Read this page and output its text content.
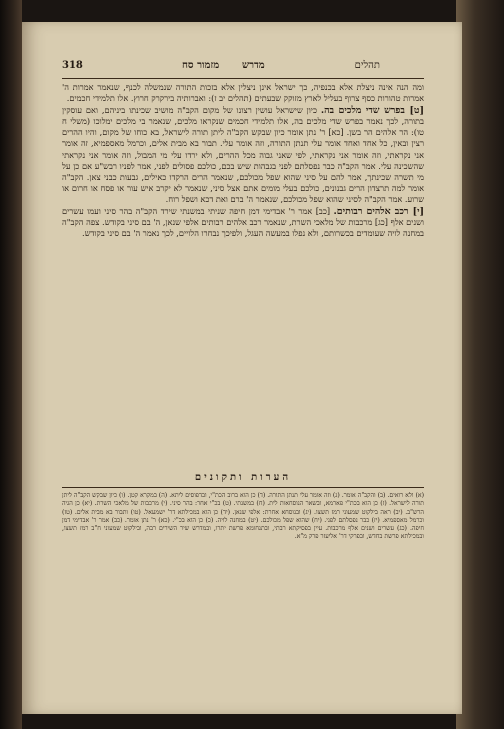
318	מזמור סח מדרש	תהלים

ומה הנה אינה ניצלת אלא בכנפיה, כך ישראל אינן ניצלין אלא בזכות התורה שנמשלה לכנף, שנאמר אמרות ה' אמרות טהורות כסף צרוף בעליל לארץ מזוקק שבעתים (תהלים יב ז): ואברותיה בירקרק חרוץ. אלו תלמידי חכמים.

[ט] בפרש שדי מלכים בה. כיון שישראל עושין רצונו של מקום הקב"ה מושיב שכינתו ביניהם, ואם עוסקין בתורה, לכך נאמר בפרש שדי מלכים בה, אלו תלמידי חכמים שנקראו מלכים, שנאמר בי מלכים ימלוכו (משלי ח טו): הר אלהים הר בשן. [כא] ר' נתן אומר כיון שבקש הקב"ה ליתן תורה לישראל, בא כוחו של מקום, והיו ההרים רצין ובאין, כל אחד ואחד אומר עלי תנתן התורה, וזה אומר עלי. תבור בא מבית אלים, וכרמל מאספמיא, זה אומר אני נקראתי, וזה אומר אני נקראתי, לפי שאני גבוה מכל ההרים, ולא ירדו עלי מי המבול, וזה אומר אני נקראתי שהשכינה עלי. אמר הקב"ה כבר נפסלתם לפני בגבהות שיש בכם, כולכם פסולים לפני, אמר לפניו רבש"ע אם כן על מי תשרה שכינתך, אמר להם על סיני שהוא שפל מכולכם, שנאמר הרים הרקדו כאילים, גבעות כבני צאן. הקב"ה אומר למה תרצדון הרים גבנונים, כולכם בעלי מומים אתם אצל סיני, שנאמר לא יקרב איש עור או פסח או חרום או שרוע. אמר הקב"ה לסיני שהוא שפל מכולכם, שנאמר ה' ברם ואת דכא ושפל רוח.

[י] רכב אלהים רבותים. [כב] אמר ר' אבדימי דמן חיפה שניתי במשנתי שירד הקב"ה בהר סיני ועמו עשרים ושנים אלף [כג] מרכבות של מלאכי השרת, שנאמר רכב אלהים רבותים אלפי שנאן, ה' בם סיני בקודש. צפה הקב"ה במחנה לויה שעומדים בכשרותם, ולא נפלו במעשה העגל, ולפיכך נבחרו הלויים, לכך נאמר ה' בם סיני בקודש.

הערות ותקונים
(א) ולא רואים. (ב) והקב"ה אומר. (ג) וזה אומר עלי תנתן התורה. (ד) כן הוא ברוב הכת"י, ובדפוסים ליתא. (ה) במקרא קטן. (ו) כיון שבקש הקב"ה ליתן תורה לישראל. (ז) כן הוא בכת"י פארמא, ובשאר הנוסחאות לית. (ח) במשנתי. (ט) בכ"י אחר: בהר סיני. (י) מרכבות של מלאכי השרת. (יא) כן הגיה הרש"ב. (יב) ראה בילקוט שמעוני רמז תשצו. (יג) ובנוסחא אחרת: אלפי שנאן. (יד) כן הוא במכילתא דר' ישמעאל. (טו) ותבור בא מבית אלים. (טז) וכרמל מאספמיא. (יז) כבר נפסלתם לפני. (יח) שהוא שפל מכולכם. (יט) במחנה לויה. (כ) כן הוא בכ"י. (כא) ר' נתן אומר. (כב) אמר ר' אבדימי דמן חיפה. (כג) עשרים ושנים אלף מרכבות. עיין בפסיקתא רבתי, ובתנחומא פרשת יתרו, ובמדרש שיר השירים רבה, ובילקוט שמעוני ח"ב רמז תשצו, ובמכילתא פרשת בחדש, ובפרקי דר' אליעזר פרק מ"א.
